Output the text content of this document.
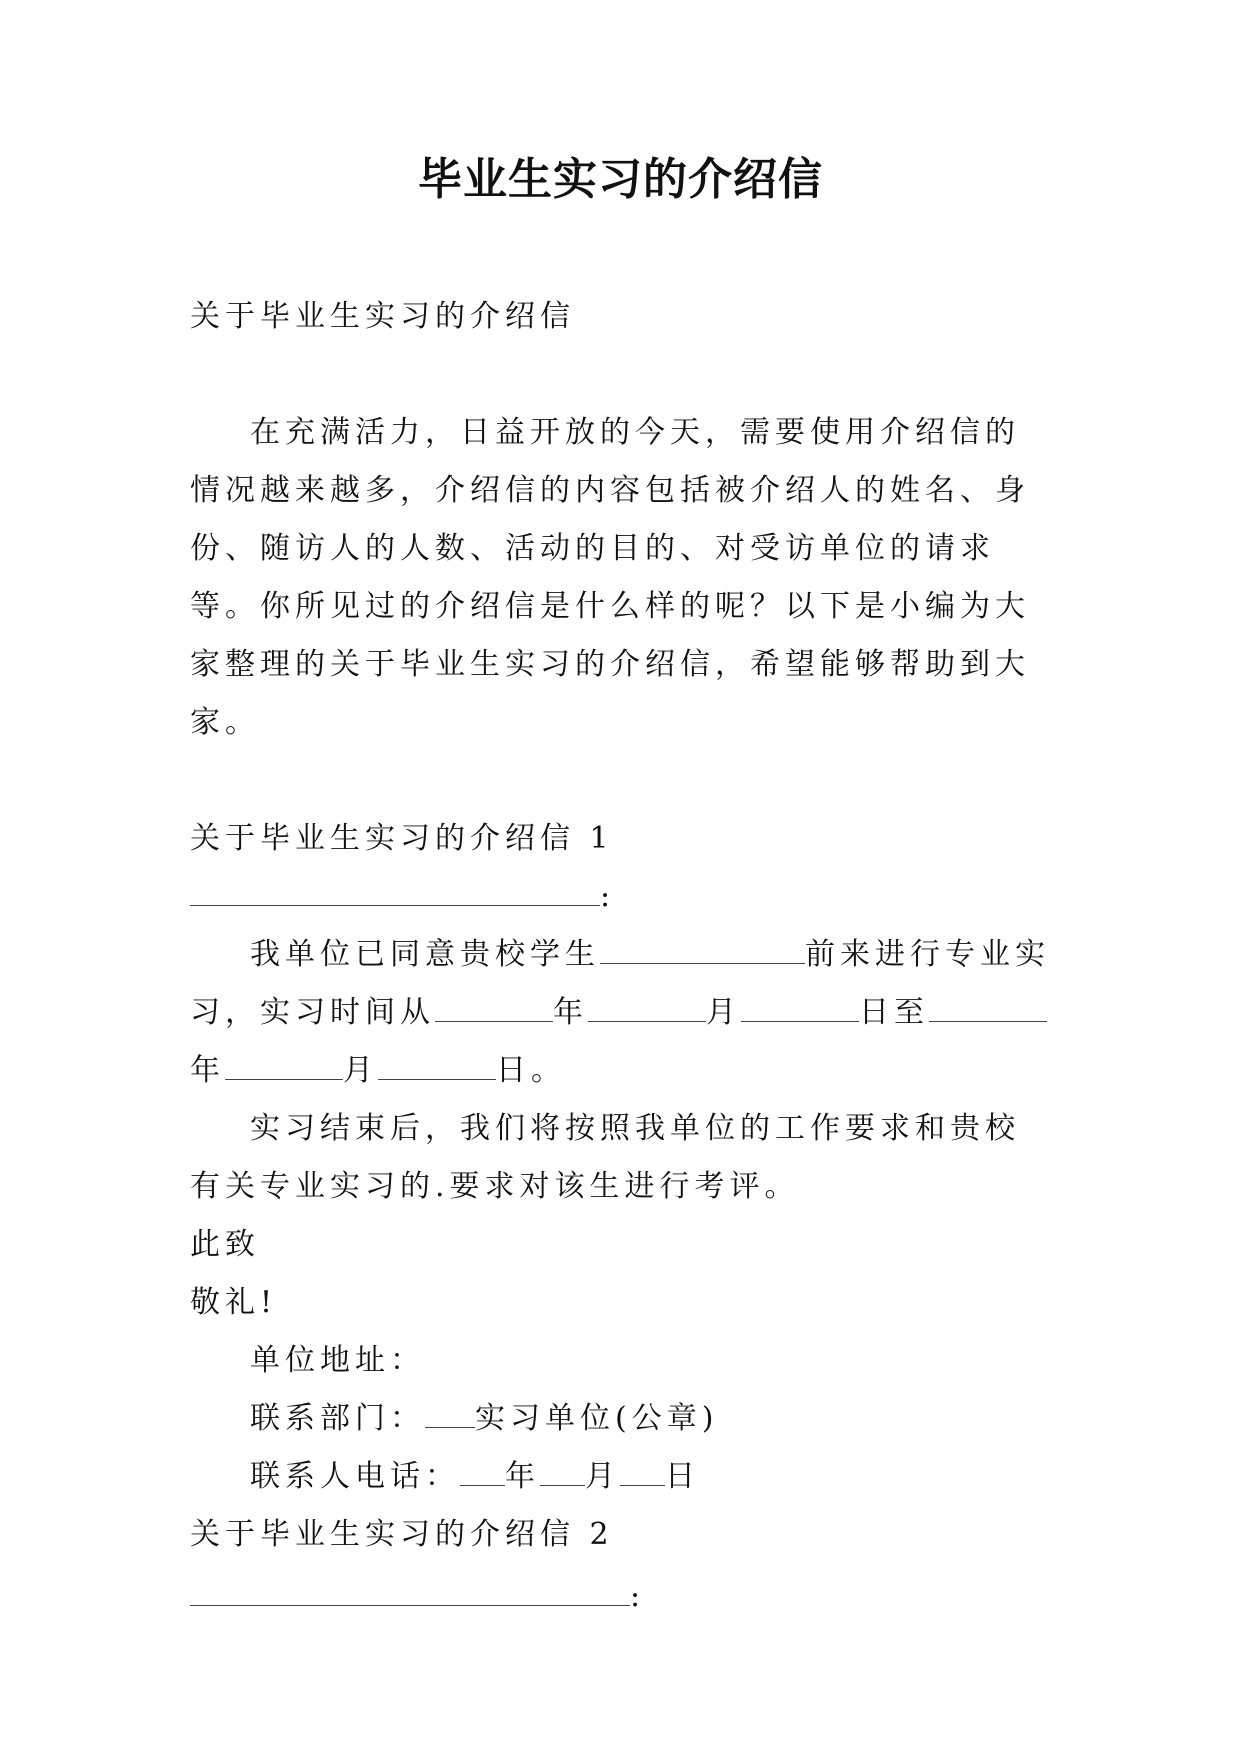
毕业生实习的介绍信

关于毕业生实习的介绍信

在充满活力，日益开放的今天，需要使用介绍信的情况越来越多，介绍信的内容包括被介绍人的姓名、身份、随访人的人数、活动的目的、对受访单位的请求等。你所见过的介绍信是什么样的呢？以下是小编为大家整理的关于毕业生实习的介绍信，希望能够帮助到大家。

关于毕业生实习的介绍信 1

:

我单位已同意贵校学生	前来进行专业实习，实习时间从	年	月	日至年	月	日。

实习结束后，我们将按照我单位的工作要求和贵校有关专业实习的.要求对该生进行考评。

此致

敬礼!

单位地址：

联系部门： 实习单位(公章)

联系人电话： 年 月 日

关于毕业生实习的介绍信 2

:
